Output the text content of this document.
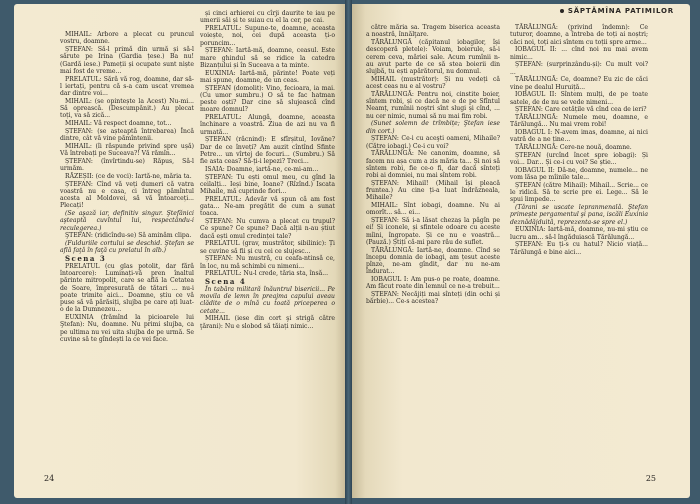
MIHAIL: Arbore a plecat cu pruncul vostru, doamne.

ȘTEFAN: Să-l primă din urmă și să-l sărute pe Irina (Gardia țese.) Ba nu! (Gardă iese.) Pameții și ocupate sunt niște mai fost de vreme...

PRELATUL: Sără vă rog, doamne, dar să-l iertați, pentru că s-a cam uscat vremea dar dintre voi...

MIHAIL: (se opintește la Acest) Nu-mi... Să oprească. (Descumpănit.) Au plecat toți, va să zică...

MIHAIL: Vă respect doamne, tot...

ȘTEFAN: (se așteaptă întrebarea) Încă dintre, cât vă vine pămîntenii.

MIHAIL: (îi răspunde privind spre ușă) Vă întrebați pe Suceava?! Vă rămîn...

ȘTEFAN: (învîrtindu-se) Răpus, Să-l urmăm.

RĂZEȘII: (ce de voci): Iartă-ne, măria ta.

ȘTEFAN: Cînd vă veți dumeri că vatra voastră nu e casa, ci întreg pămîntul acesta al Moldovei, să vă întoarceți... Plecați!

(Se aşază iar, definitiv singur. Ştefănici aşteaptă cuvîntul lui, respectându-i reculegerea.)

ŞTEFAN: (ridicîndu-se) Să aminăm clipa.

(Fulduriile cortului se deschid. Ştefan se află faţă în faţă cu prelatul în alb.)

Scena 3

PRELATUL (cu glas potolit, dar fără întoarcere): Luminați-vă pren înaltul părinte mitropolit, care se află la Cetatea de Soare, împresurată de tătari ... nu-i poate trimite aici... Doamne, știu ce vă puse să vă părăsiți, slujba pe care ați luat-o de la Dumnezeu...

EUXINIA (frămînd la picioarele lui Ştefan): Nu, doamne. Nu primi slujba, ca pe ultima nu vei uita slujba de pe urmă. Se cuvine să te gîndești la ce vei face.

și cinci arhierei cu cîrji daurite te iau pe umerii săi și te suiau cu el la cer, pe cai.

PRELATUL: Supune-te, doamne, aceasta voiește, noi, cei după aceasta ți-o poruncim...

ȘTEFAN: Iartă-mă, doamne, ceasul. Este mare ghindul să se ridice la catedra Bizanțului și în Suceava a ta minte.

EUXINIA: Iartă-mă, părinte! Poate veți mai spune, doamne, de un ceas.

ȘTEFAN (domolit): Vino, fecioara, ia mai. (Cu umor sumbru.) O să te fac hatman peste oști? Dar cine să slujească cînd moare domnul?

PRELATUL: Alungă, doamne, aceasta închinare a voastră. Ziua de azi nu va fi urmată...

ȘTEFAN (răcnind): E sfîrșitul, Iovăne? Dar de ce înveți? Am auzit cîntînd Sfinte Petre... un vîrtej de focuri... (Sumbru.) Să fie asta ceas? Să-ți-i lepezi? Treci...

ISAIA: Doamne, iartă-ne, ce-mi-am...

ȘTEFAN: Tu ești omul meu, cu gînd la ceilalți... Ieși bine, Ioane? (Rîzînd.) Iscata Mihaile, mă cuprinde fiori...

PRELATUL: Adevăr vă spun că am fost gata... Ne-am pregătit de cum a sunat toaca.

ȘTEFAN: Nu cumva a plecat cu trupul? Ce spune? Ce spune? Dacă alții n-au știut dacă ești omul credinței tale?

PRELATUL (grav, mustrător, sibilinic): Ți se cuvine să fii și cu cei ce slujesc...

ȘTEFAN: Nu mustră, cu ceafa-ntinsă ce, în loc, nu mă schimbi cu nimeni...

PRELATUL: Nu-l crede, tăria sta, însă...

Scena 4

În tabăra militară înăuntrul bisericii... Pe movila de lemn în preajma capului aveau clădite de o mînă cu toată priceperea o cetate...

MIHAIL (iese din cort şi strigă către ţărani): Nu e slobod să tăiați nimic...

24
SĂPTĂMÎNA PATIMILOR

către măria sa. Tragem biserica aceasta a noastră, înnălţare.

TĂRĂLUNGĂ (căpitanul iobagilor, își descoperă pletele): Voiam, boierule, să-i cerem ceva, măriei sale. Acum rumînii n-au avut parte de ce să stea boierii din slujbă, tu ești apărătorul, nu domnul.

MIHAIL (mustrător): Și nu vedeți că acest ceas nu e al vostru?

TĂRĂLUNGĂ: Pentru noi, cinstite boier, sîntem robi, și ce dacă ne e de pe Sfîntul Neamț, rumînii noștri sînt slugi și cînd, ... nu cer nimic, numai să nu mai fim robi.

(Sunet solemn de trîmbițe; Ştefan iese din cort.)

ȘTEFAN: Ce-i cu aceşti oameni, Mihaile? (Către iobagi.) Ce-i cu voi?

TĂRĂLUNGĂ: Ne canonim, doamne, să facem nu așa cum a zis măria ta... Și noi să sîntem robi, fie ce-o fi, dar dacă sînteți robi ai domniei, nu mai sîntem robi.

ȘTEFAN: Mihail! (Mihail își pleacă fruntea.) Au cine ți-a luat îndrăzneala, Mihaile?

MIHAIL: Sînt iobagi, doamne. Nu ai omorît... să... ei...

ȘTEFAN: Să i-a lăsat chezaș la păgîn pe ei! Și iconele, și sfintele odoare cu aceste mîini, îngropate. Și ce nu e voastră... (Pauză.) Știți că-mi pare rău de suflet.

TĂRĂLUNGĂ: Iartă-ne, doamne. Cînd se începu domnia de iobagi, am țesut aceste pînze, ne-am gîndit, dar nu ne-am îndurat...

IOBAGUL I: Am pus-o pe roate, doamne. Am făcut roate din lemnul ce ne-a trebuit...

ȘTEFAN: Necăjiți mai sînteți (din ochi și bărbie)... Ce-s acestea?

TĂRĂLUNGĂ: (privind îndemn): Ce tuturor, doamne, a întreba de toți ai noștri; căci noi, toți aici sîntem cu toții spre arme...

IOBAGUL II: ... cînd noi nu mai avem nimic...

ȘTEFAN: (surprinzându-și): Cu mult voi? ...

TĂRĂLUNGĂ: Ce, doamne? Eu zic de căci vine pe dealul Huruiță...

IOBAGUL II: Sîntem mulți, de pe toate satele, de de nu se vede nimeni...

ȘTEFAN: Care cetățile vă cînd cea de ieri?

TĂRĂLUNGĂ: Numele meu, doamne, e Tărălungă... Nu mai vrem robi!

IOBAGUL I: N-avem imas, doamne, ai nici vatră de a ne ține...

TĂRĂLUNGĂ: Cere-ne nouă, doamne.

ȘTEFAN (urcînd încet spre iobagi): Și voi... Dar... Și ce-i cu voi? Se știe...

IOBAGUL II: Dă-ne, doamne, numele... ne vom lăsa pe mîinile tale...

ȘTEFAN (către Mihail): Mihail... Scrie... ce le ridică. Să te scrie pre ei. Lege... Să le spui limpede...

(Tărani se uscate lepranmenală. Ştefan primește pergamentul şi pana, iscăli Euxinia deznădăjduită, reprezenta-se spre el.)

EUXINIA: Iartă-mă, doamne, nu-mi știu ce lucru am... să-l îngăduiască Tărălungă...

ȘTEFAN: Eu ți-s cu hatul? Nicio viață... Tărălungă e bine aici...

25
